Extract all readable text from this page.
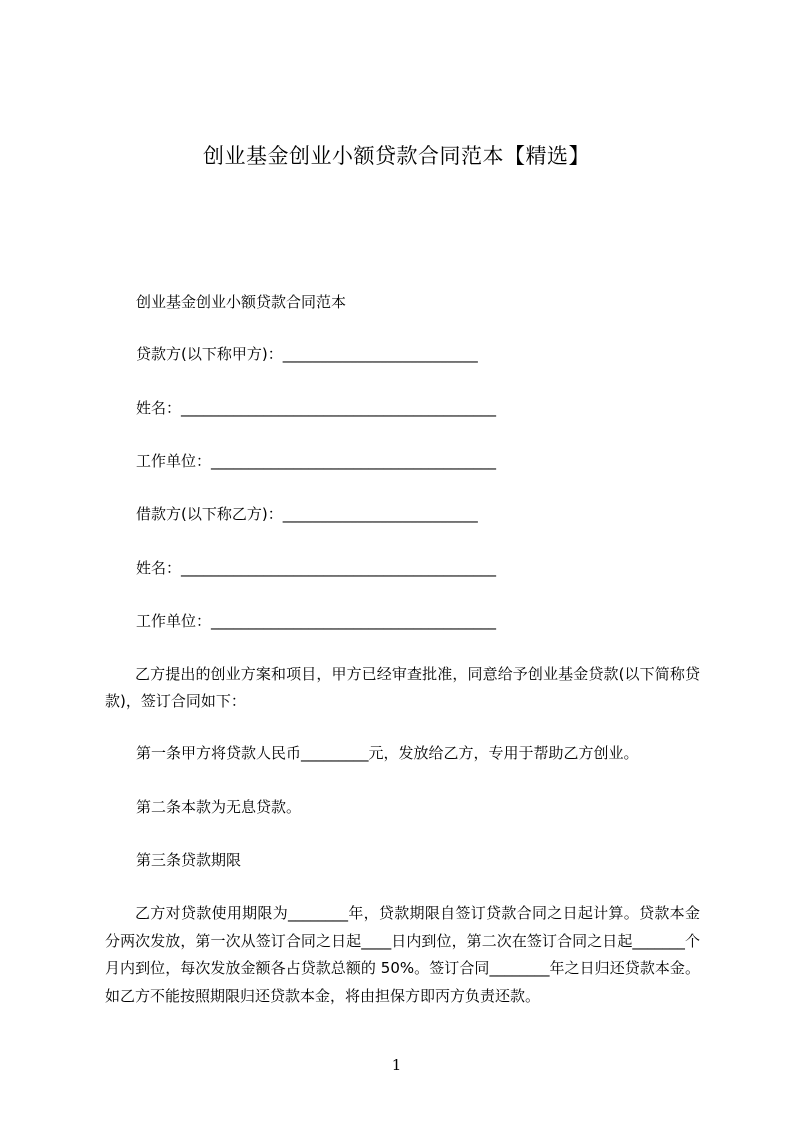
创业基金创业小额贷款合同范本【精选】
创业基金创业小额贷款合同范本
贷款方(以下称甲方)：__________________________
姓名：__________________________________________
工作单位：______________________________________
借款方(以下称乙方)：__________________________
姓名：__________________________________________
工作单位：______________________________________
乙方提出的创业方案和项目，甲方已经审查批准，同意给予创业基金贷款(以下简称贷款)，签订合同如下：
第一条甲方将贷款人民币_________元，发放给乙方，专用于帮助乙方创业。
第二条本款为无息贷款。
第三条贷款期限
乙方对贷款使用期限为________年，贷款期限自签订贷款合同之日起计算。贷款本金分两次发放，第一次从签订合同之日起____日内到位，第二次在签订合同之日起_______个月内到位，每次发放金额各占贷款总额的 50%。签订合同________年之日归还贷款本金。如乙方不能按照期限归还贷款本金，将由担保方即丙方负责还款。
1
